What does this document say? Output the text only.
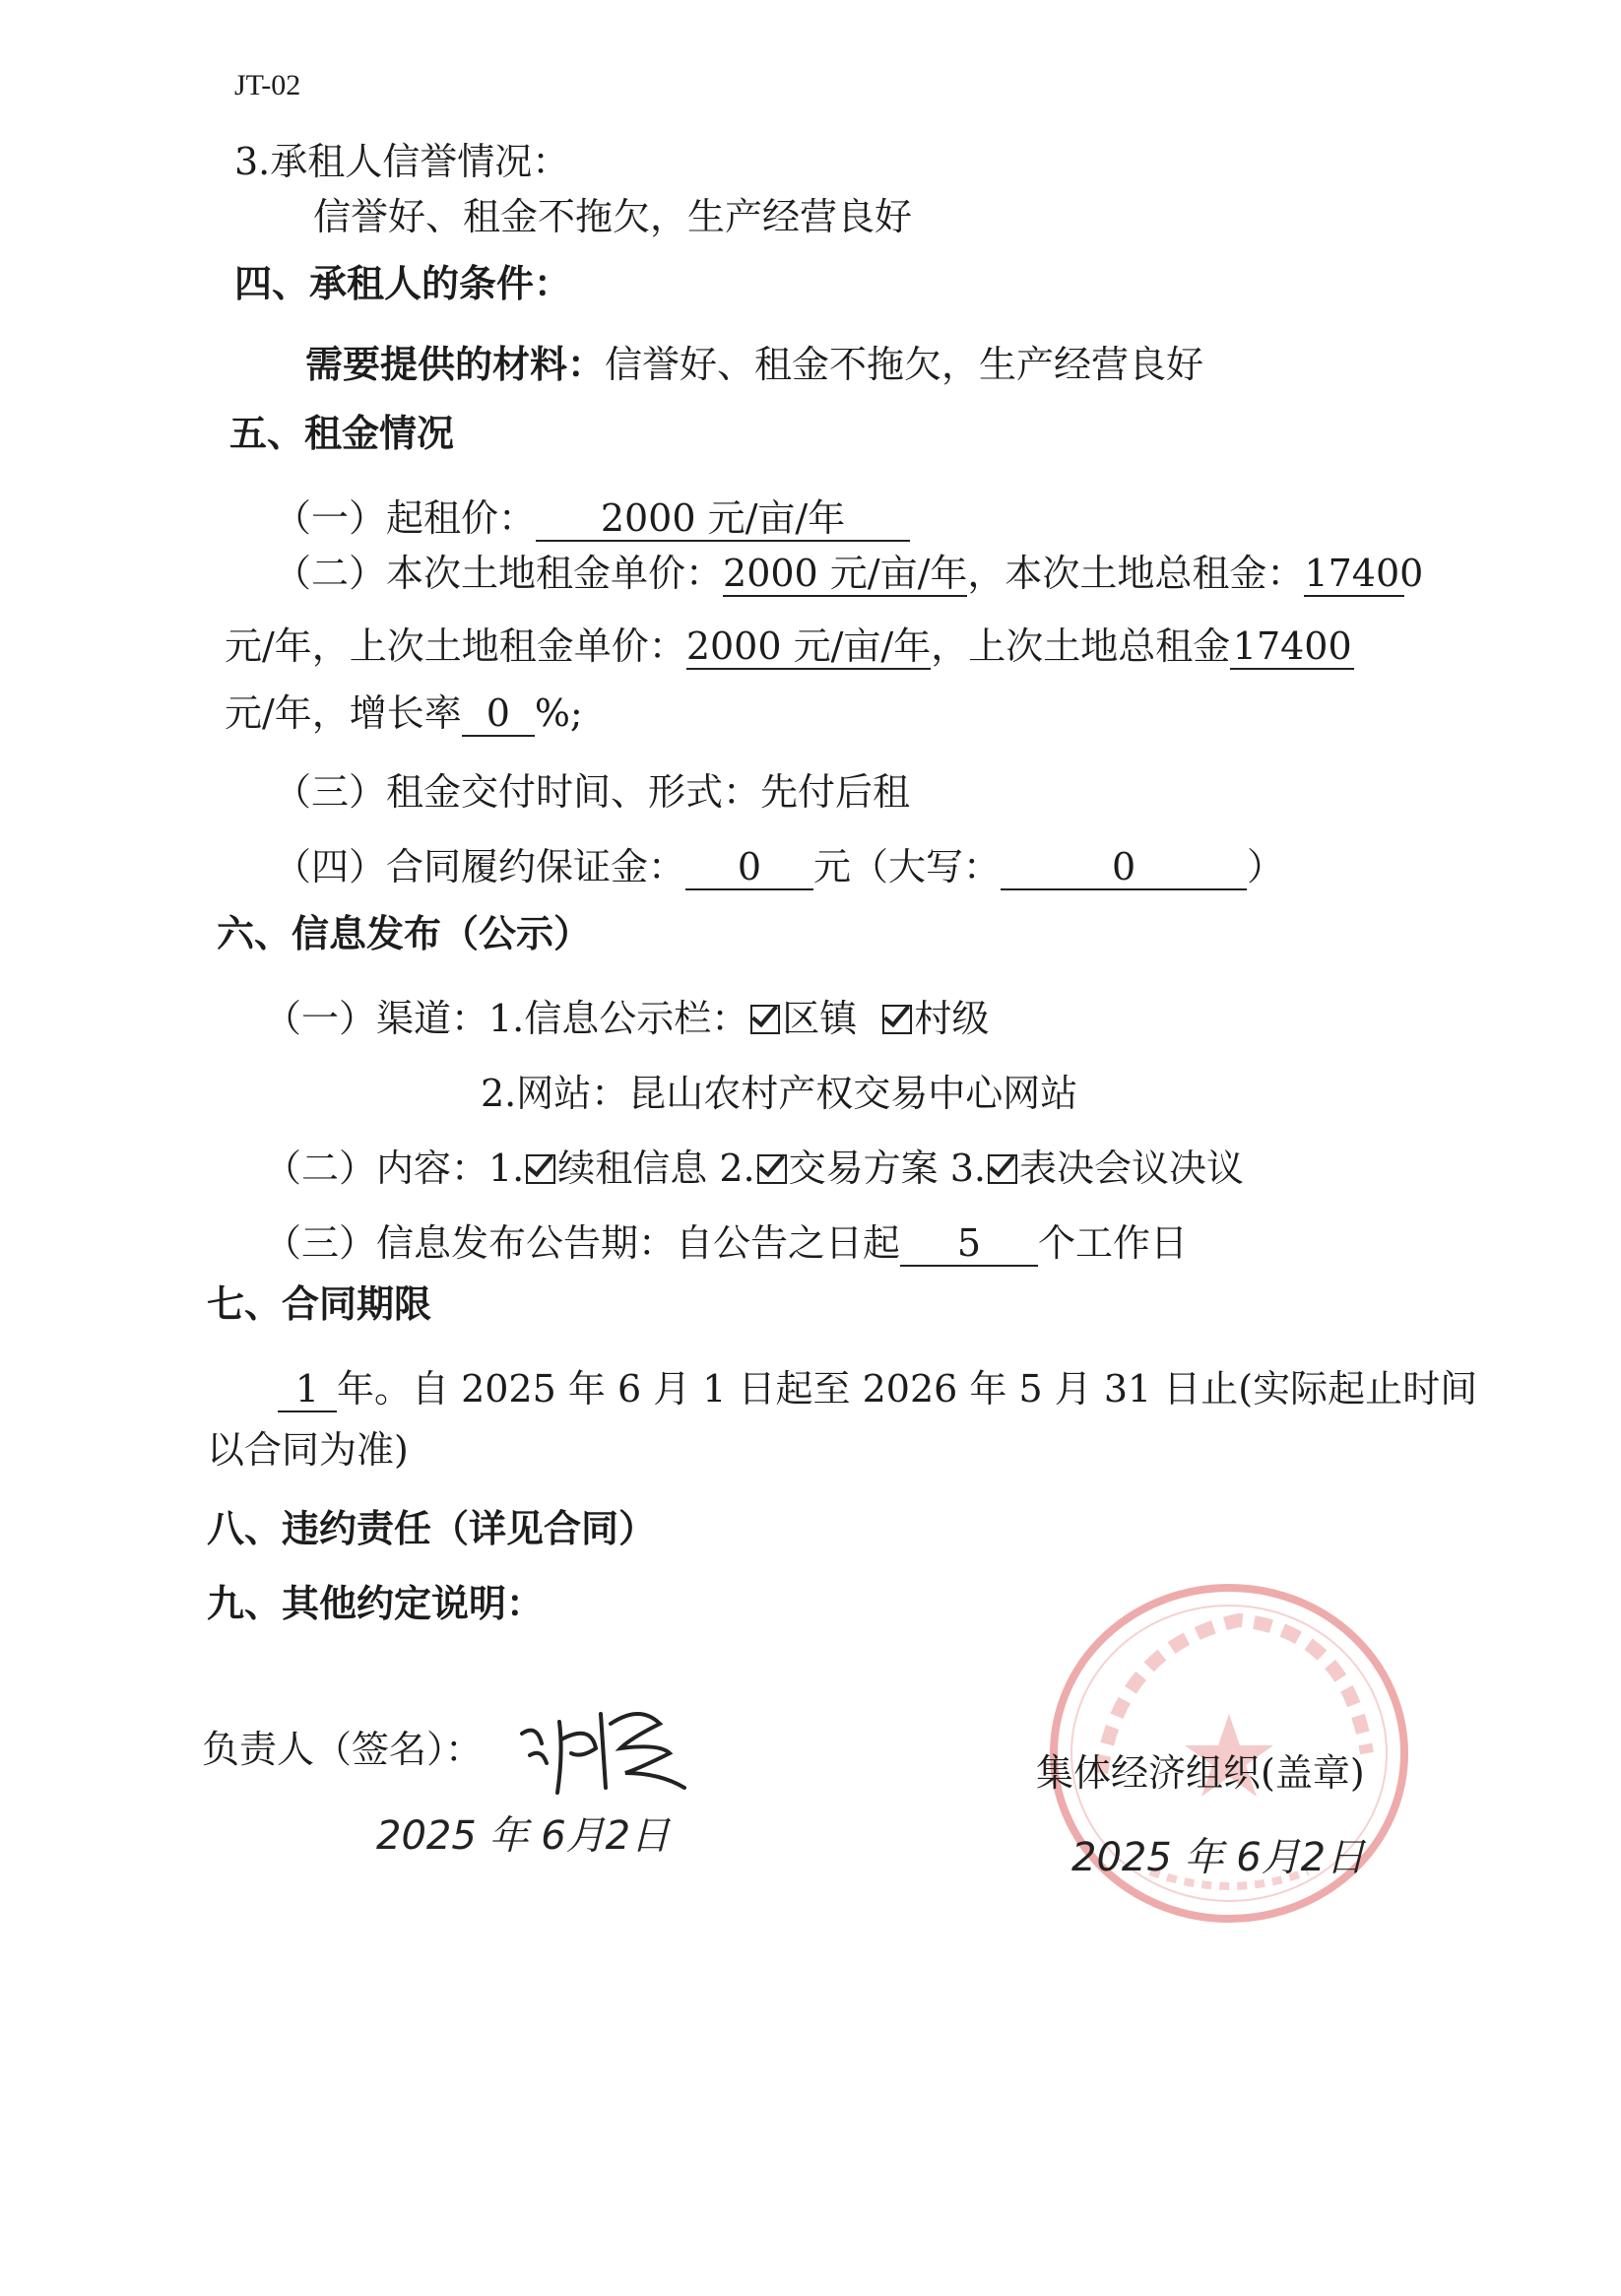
JT-02
3.承租人信誉情况：
信誉好、租金不拖欠，生产经营良好
四、承租人的条件：
需要提供的材料：信誉好、租金不拖欠，生产经营良好
五、租金情况
（一）起租价： 2000 元/亩/年
（二）本次土地租金单价：2000 元/亩/年，本次土地总租金：17400
元/年，上次土地租金单价：2000 元/亩/年，上次土地总租金17400
元/年，增长率 0 %;
（三）租金交付时间、形式：先付后租
（四）合同履约保证金： 0 元（大写：	0	）
六、信息发布（公示）
（一）渠道：1.信息公示栏： 区镇 村级
2.网站：昆山农村产权交易中心网站
（二）内容：1. 续租信息 2. 交易方案 3. 表决会议决议
（三）信息发布公告期：自公告之日起 5 个工作日
七、合同期限
1 年。自 2025 年 6 月 1 日起至 2026 年 5 月 31 日止(实际起止时间
以合同为准)
八、违约责任（详见合同）
九、其他约定说明：
负责人（签名）：
2025 年 6月2日
集体经济组织(盖章)
2025 年 6月2日
